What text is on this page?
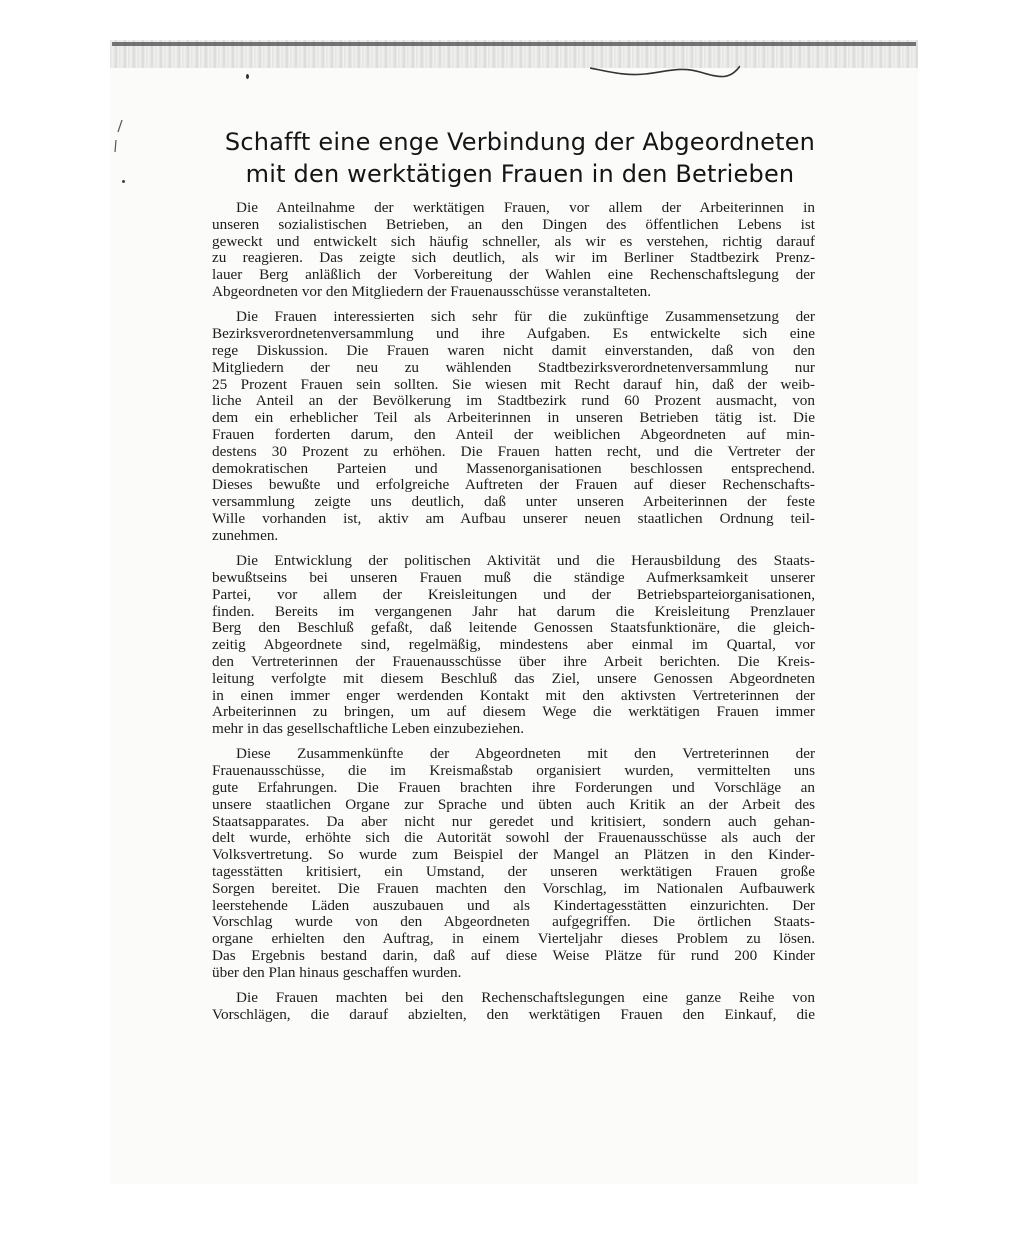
Schafft eine enge Verbindung der Abgeordneten
mit den werktätigen Frauen in den Betrieben
Die Anteilnahme der werktätigen Frauen, vor allem der Arbeiterinnen in
unseren sozialistischen Betrieben, an den Dingen des öffentlichen Lebens ist
geweckt und entwickelt sich häufig schneller, als wir es verstehen, richtig darauf
zu reagieren. Das zeigte sich deutlich, als wir im Berliner Stadtbezirk Prenz-
lauer Berg anläßlich der Vorbereitung der Wahlen eine Rechenschaftslegung der
Abgeordneten vor den Mitgliedern der Frauenausschüsse veranstalteten.
Die Frauen interessierten sich sehr für die zukünftige Zusammensetzung der
Bezirksverordnetenversammlung und ihre Aufgaben. Es entwickelte sich eine
rege Diskussion. Die Frauen waren nicht damit einverstanden, daß von den
Mitgliedern der neu zu wählenden Stadtbezirksverordnetenversammlung nur
25 Prozent Frauen sein sollten. Sie wiesen mit Recht darauf hin, daß der weib-
liche Anteil an der Bevölkerung im Stadtbezirk rund 60 Prozent ausmacht, von
dem ein erheblicher Teil als Arbeiterinnen in unseren Betrieben tätig ist. Die
Frauen forderten darum, den Anteil der weiblichen Abgeordneten auf min-
destens 30 Prozent zu erhöhen. Die Frauen hatten recht, und die Vertreter der
demokratischen Parteien und Massenorganisationen beschlossen entsprechend.
Dieses bewußte und erfolgreiche Auftreten der Frauen auf dieser Rechenschafts-
versammlung zeigte uns deutlich, daß unter unseren Arbeiterinnen der feste
Wille vorhanden ist, aktiv am Aufbau unserer neuen staatlichen Ordnung teil-
zunehmen.
Die Entwicklung der politischen Aktivität und die Herausbildung des Staats-
bewußtseins bei unseren Frauen muß die ständige Aufmerksamkeit unserer
Partei, vor allem der Kreisleitungen und der Betriebsparteiorganisationen,
finden. Bereits im vergangenen Jahr hat darum die Kreisleitung Prenzlauer
Berg den Beschluß gefaßt, daß leitende Genossen Staatsfunktionäre, die gleich-
zeitig Abgeordnete sind, regelmäßig, mindestens aber einmal im Quartal, vor
den Vertreterinnen der Frauenausschüsse über ihre Arbeit berichten. Die Kreis-
leitung verfolgte mit diesem Beschluß das Ziel, unsere Genossen Abgeordneten
in einen immer enger werdenden Kontakt mit den aktivsten Vertreterinnen der
Arbeiterinnen zu bringen, um auf diesem Wege die werktätigen Frauen immer
mehr in das gesellschaftliche Leben einzubeziehen.
Diese Zusammenkünfte der Abgeordneten mit den Vertreterinnen der
Frauenausschüsse, die im Kreismaßstab organisiert wurden, vermittelten uns
gute Erfahrungen. Die Frauen brachten ihre Forderungen und Vorschläge an
unsere staatlichen Organe zur Sprache und übten auch Kritik an der Arbeit des
Staatsapparates. Da aber nicht nur geredet und kritisiert, sondern auch gehan-
delt wurde, erhöhte sich die Autorität sowohl der Frauenausschüsse als auch der
Volksvertretung. So wurde zum Beispiel der Mangel an Plätzen in den Kinder-
tagesstätten kritisiert, ein Umstand, der unseren werktätigen Frauen große
Sorgen bereitet. Die Frauen machten den Vorschlag, im Nationalen Aufbauwerk
leerstehende Läden auszubauen und als Kindertagesstätten einzurichten. Der
Vorschlag wurde von den Abgeordneten aufgegriffen. Die örtlichen Staats-
organe erhielten den Auftrag, in einem Vierteljahr dieses Problem zu lösen.
Das Ergebnis bestand darin, daß auf diese Weise Plätze für rund 200 Kinder
über den Plan hinaus geschaffen wurden.
Die Frauen machten bei den Rechenschaftslegungen eine ganze Reihe von
Vorschlägen, die darauf abzielten, den werktätigen Frauen den Einkauf, die
